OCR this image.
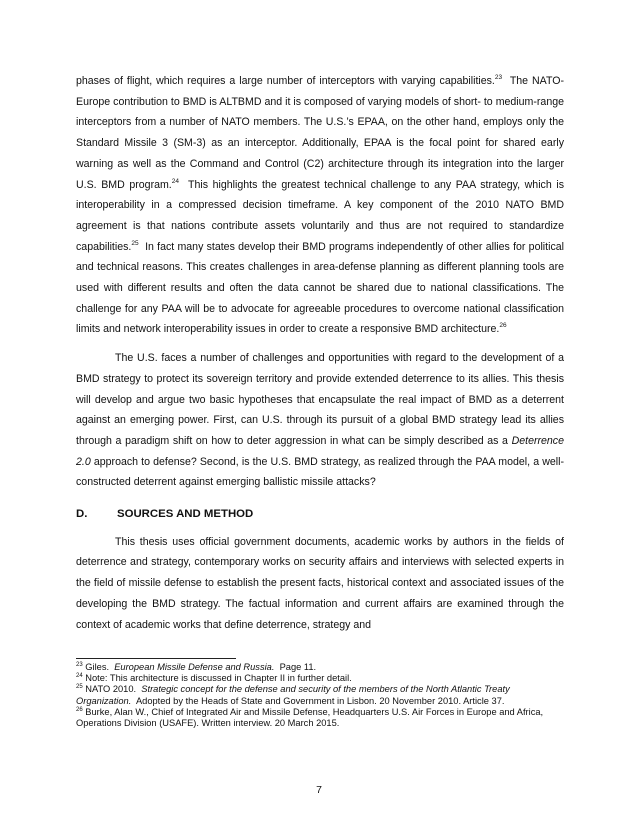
phases of flight, which requires a large number of interceptors with varying capabilities.$^{23}$ The NATO-Europe contribution to BMD is ALTBMD and it is composed of varying models of short- to medium-range interceptors from a number of NATO members. The U.S.’s EPAA, on the other hand, employs only the Standard Missile 3 (SM-3) as an interceptor. Additionally, EPAA is the focal point for shared early warning as well as the Command and Control (C2) architecture through its integration into the larger U.S. BMD program.$^{24}$ This highlights the greatest technical challenge to any PAA strategy, which is interoperability in a compressed decision timeframe. A key component of the 2010 NATO BMD agreement is that nations contribute assets voluntarily and thus are not required to standardize capabilities.$^{25}$ In fact many states develop their BMD programs independently of other allies for political and technical reasons. This creates challenges in area-defense planning as different planning tools are used with different results and often the data cannot be shared due to national classifications. The challenge for any PAA will be to advocate for agreeable procedures to overcome national classification limits and network interoperability issues in order to create a responsive BMD architecture.$^{26}$

The U.S. faces a number of challenges and opportunities with regard to the development of a BMD strategy to protect its sovereign territory and provide extended deterrence to its allies. This thesis will develop and argue two basic hypotheses that encapsulate the real impact of BMD as a deterrent against an emerging power. First, can U.S. through its pursuit of a global BMD strategy lead its allies through a paradigm shift on how to deter aggression in what can be simply described as a Deterrence 2.0 approach to defense? Second, is the U.S. BMD strategy, as realized through the PAA model, a well-constructed deterrent against emerging ballistic missile attacks?

D.	SOURCES AND METHOD

This thesis uses official government documents, academic works by authors in the fields of deterrence and strategy, contemporary works on security affairs and interviews with selected experts in the field of missile defense to establish the present facts, historical context and associated issues of the developing the BMD strategy. The factual information and current affairs are examined through the context of academic works that define deterrence, strategy and

$^{23}$ Giles. European Missile Defense and Russia. Page 11.

$^{24}$ Note: This architecture is discussed in Chapter II in further detail.

$^{25}$ NATO 2010. Strategic concept for the defense and security of the members of the North Atlantic Treaty Organization. Adopted by the Heads of State and Government in Lisbon. 20 November 2010. Article 37.

$^{26}$ Burke, Alan W., Chief of Integrated Air and Missile Defense, Headquarters U.S. Air Forces in Europe and Africa, Operations Division (USAFE). Written interview. 20 March 2015.

7
